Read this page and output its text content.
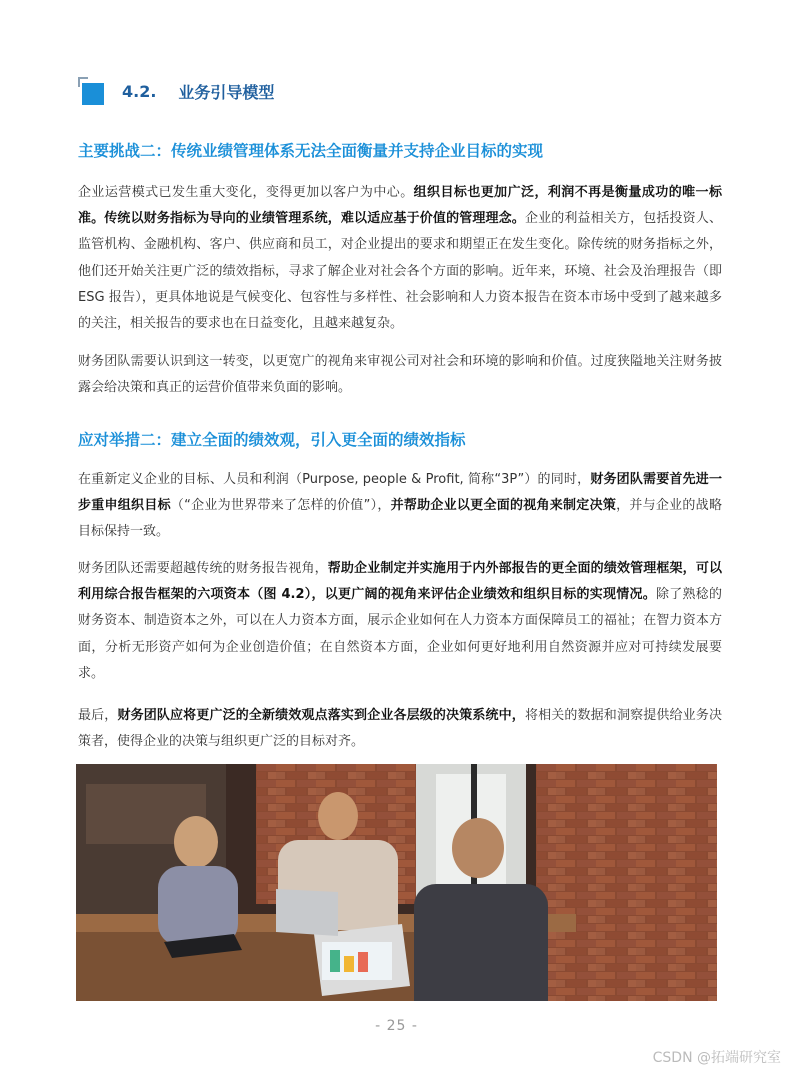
4.2. 业务引导模型
主要挑战二：传统业绩管理体系无法全面衡量并支持企业目标的实现
企业运营模式已发生重大变化，变得更加以客户为中心。组织目标也更加广泛，利润不再是衡量成功的唯一标准。传统以财务指标为导向的业绩管理系统，难以适应基于价值的管理理念。企业的利益相关方，包括投资人、监管机构、金融机构、客户、供应商和员工，对企业提出的要求和期望正在发生变化。除传统的财务指标之外，他们还开始关注更广泛的绩效指标，寻求了解企业对社会各个方面的影响。近年来，环境、社会及治理报告（即ESG 报告），更具体地说是气候变化、包容性与多样性、社会影响和人力资本报告在资本市场中受到了越来越多的关注，相关报告的要求也在日益变化，且越来越复杂。
财务团队需要认识到这一转变，以更宽广的视角来审视公司对社会和环境的影响和价值。过度狭隘地关注财务披露会给决策和真正的运营价值带来负面的影响。
应对举措二：建立全面的绩效观，引入更全面的绩效指标
在重新定义企业的目标、人员和利润（Purpose, people & Profit, 简称“3P”）的同时，财务团队需要首先进一步重申组织目标（“企业为世界带来了怎样的价值”），并帮助企业以更全面的视角来制定决策，并与企业的战略目标保持一致。
财务团队还需要超越传统的财务报告视角，帮助企业制定并实施用于内外部报告的更全面的绩效管理框架，可以利用综合报告框架的六项资本（图 4.2），以更广阔的视角来评估企业绩效和组织目标的实现情况。除了熟稔的财务资本、制造资本之外，可以在人力资本方面，展示企业如何在人力资本方面保障员工的福祉；在智力资本方面，分析无形资产如何为企业创造价值；在自然资本方面，企业如何更好地利用自然资源并应对可持续发展要求。
最后，财务团队应将更广泛的全新绩效观点落实到企业各层级的决策系统中，将相关的数据和洞察提供给业务决策者，使得企业的决策与组织更广泛的目标对齐。
- 25 -
CSDN @拓端研究室
